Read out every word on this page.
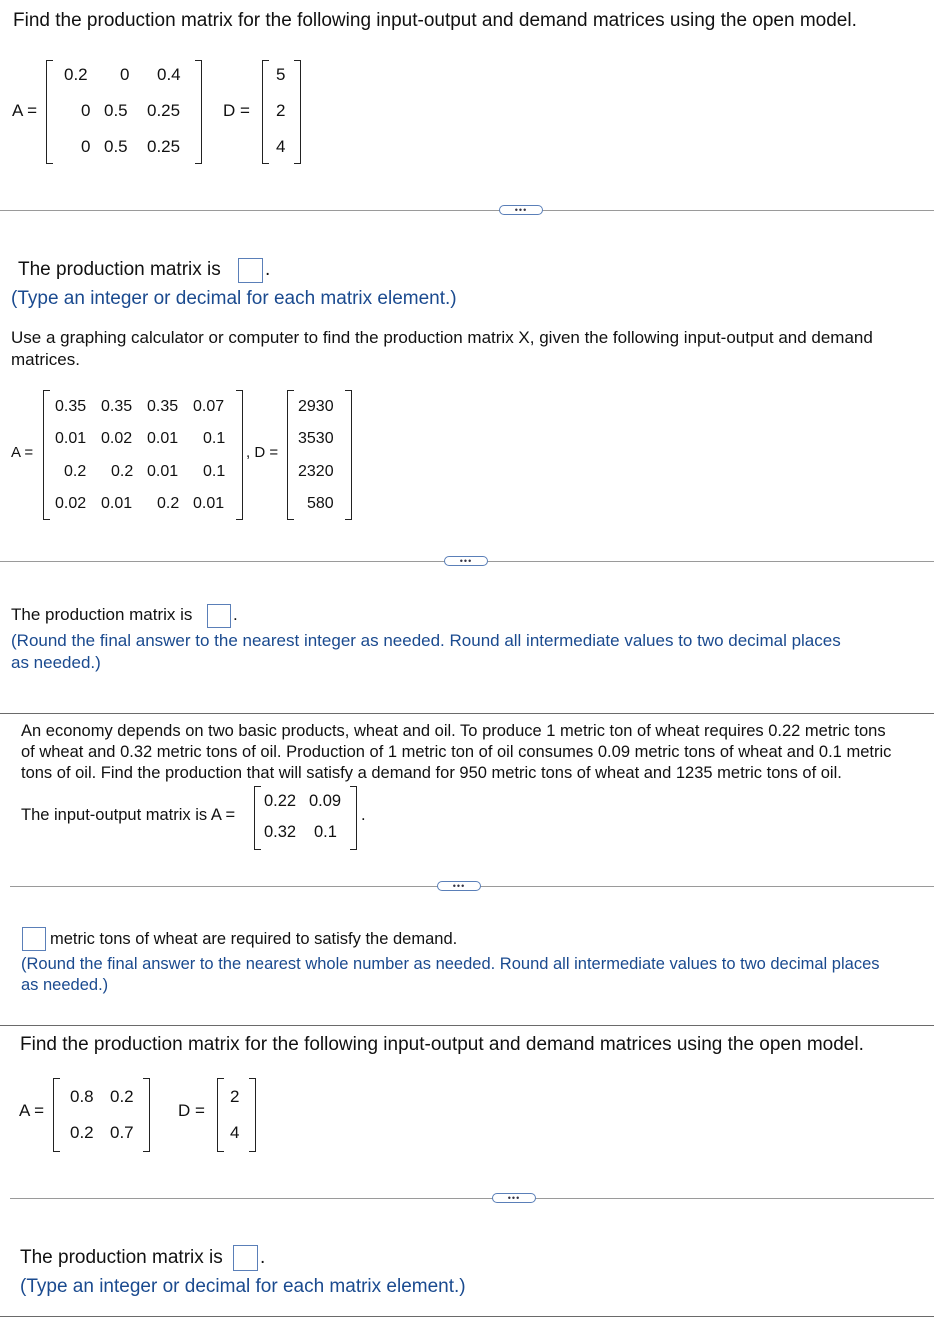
Find the production matrix for the following input-output and demand matrices using the open model.
A =
0.2 0 0.4
0 0.5 0.25
0 0.5 0.25
D =
5
2
4
•••
The production matrix is .
(Type an integer or decimal for each matrix element.)
Use a graphing calculator or computer to find the production matrix X, given the following input-output and demand
matrices.
A =
0.35 0.35 0.35 0.07
0.01 0.02 0.01 0.1
0.2 0.2 0.01 0.1
0.02 0.01 0.2 0.01
, D =
2930
3530
2320
580
•••
The production matrix is .
(Round the final answer to the nearest integer as needed. Round all intermediate values to two decimal places
as needed.)
An economy depends on two basic products, wheat and oil. To produce 1 metric ton of wheat requires 0.22 metric tons
of wheat and 0.32 metric tons of oil. Production of 1 metric ton of oil consumes 0.09 metric tons of wheat and 0.1 metric
tons of oil. Find the production that will satisfy a demand for 950 metric tons of wheat and 1235 metric tons of oil.
The input-output matrix is A =
0.22 0.09
0.32 0.1
.
•••
metric tons of wheat are required to satisfy the demand.
(Round the final answer to the nearest whole number as needed. Round all intermediate values to two decimal places
as needed.)
Find the production matrix for the following input-output and demand matrices using the open model.
A =
0.8 0.2
0.2 0.7
D =
2
4
•••
The production matrix is .
(Type an integer or decimal for each matrix element.)
